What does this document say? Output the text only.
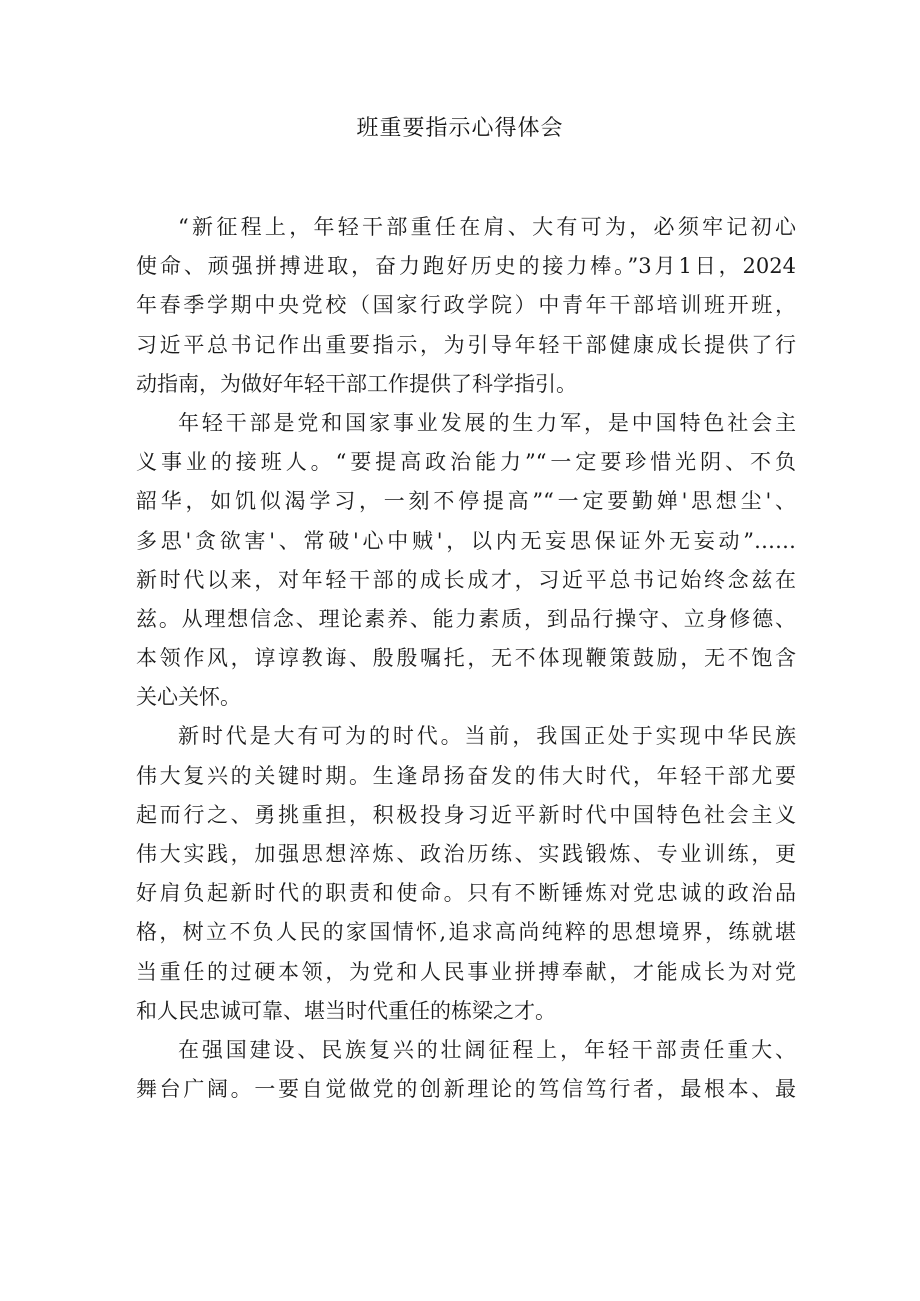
班重要指示心得体会
“新征程上，年轻干部重任在肩、大有可为，必须牢记初心
使命、顽强拼搏进取，奋力跑好历史的接力棒。”3月1日，2024
年春季学期中央党校（国家行政学院）中青年干部培训班开班，
习近平总书记作出重要指示，为引导年轻干部健康成长提供了行
动指南，为做好年轻干部工作提供了科学指引。
年轻干部是党和国家事业发展的生力军，是中国特色社会主
义事业的接班人。“要提高政治能力”“一定要珍惜光阴、不负
韶华，如饥似渴学习，一刻不停提高”“一定要勤婵'思想尘'、
多思'贪欲害'、常破'心中贼'，以内无妄思保证外无妄动”……
新时代以来，对年轻干部的成长成才，习近平总书记始终念兹在
兹。从理想信念、理论素养、能力素质，到品行操守、立身修德、
本领作风，谆谆教诲、殷殷嘱托，无不体现鞭策鼓励，无不饱含
关心关怀。
新时代是大有可为的时代。当前，我国正处于实现中华民族
伟大复兴的关键时期。生逢昂扬奋发的伟大时代，年轻干部尤要
起而行之、勇挑重担，积极投身习近平新时代中国特色社会主义
伟大实践，加强思想淬炼、政治历练、实践锻炼、专业训练，更
好肩负起新时代的职责和使命。只有不断锤炼对党忠诚的政治品
格，树立不负人民的家国情怀,追求高尚纯粹的思想境界，练就堪
当重任的过硬本领，为党和人民事业拼搏奉献，才能成长为对党
和人民忠诚可靠、堪当时代重任的栋梁之才。
在强国建设、民族复兴的壮阔征程上，年轻干部责任重大、
舞台广阔。一要自觉做党的创新理论的笃信笃行者，最根本、最
